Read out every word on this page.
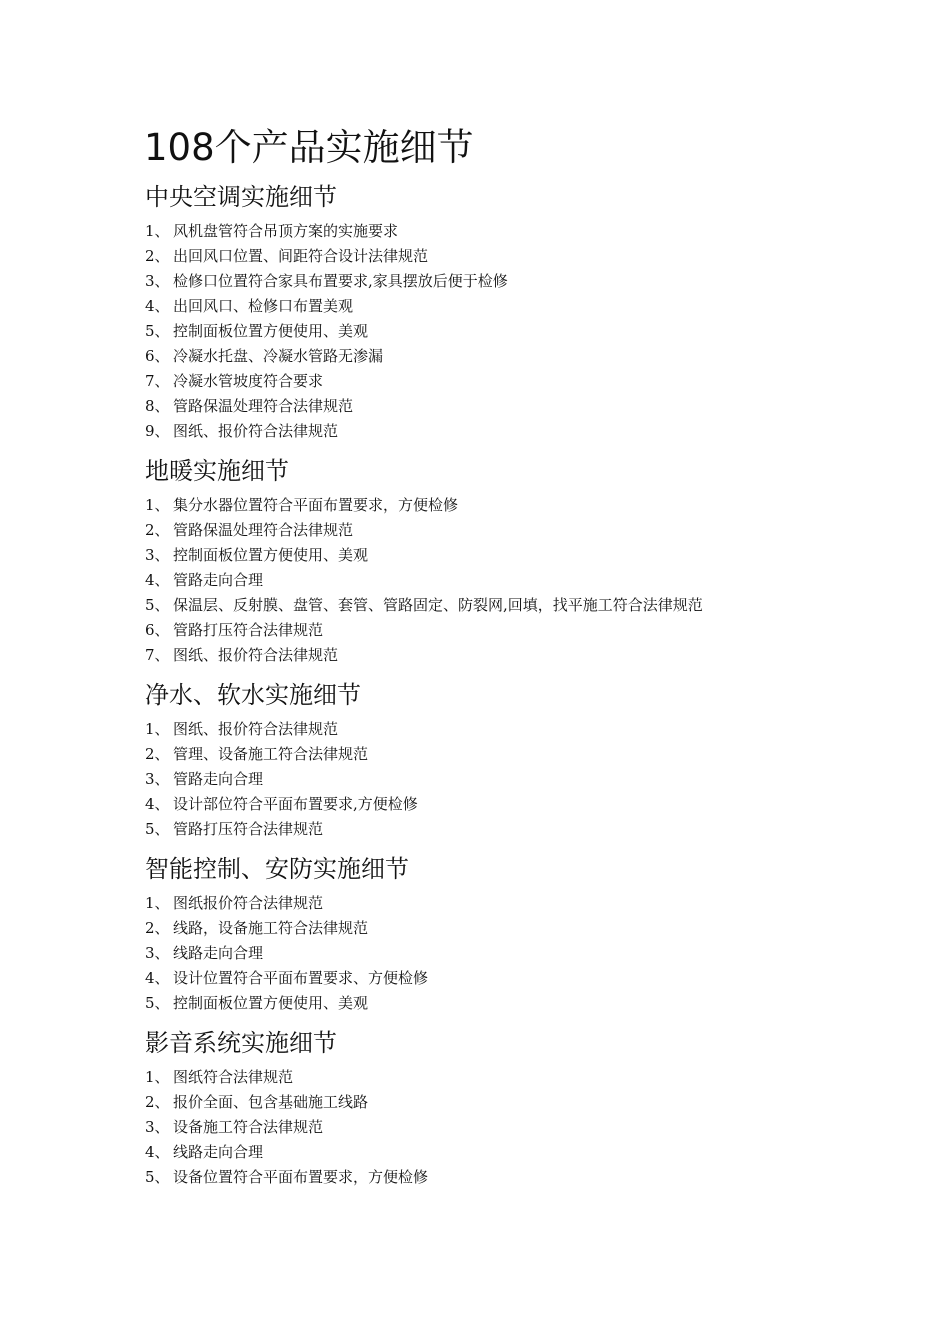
108个产品实施细节
中央空调实施细节
1、 风机盘管符合吊顶方案的实施要求
2、 出回风口位置、间距符合设计法律规范
3、 检修口位置符合家具布置要求,家具摆放后便于检修
4、 出回风口、检修口布置美观
5、 控制面板位置方便使用、美观
6、 冷凝水托盘、冷凝水管路无渗漏
7、 冷凝水管坡度符合要求
8、 管路保温处理符合法律规范
9、 图纸、报价符合法律规范
地暖实施细节
1、 集分水器位置符合平面布置要求，方便检修
2、 管路保温处理符合法律规范
3、 控制面板位置方便使用、美观
4、 管路走向合理
5、 保温层、反射膜、盘管、套管、管路固定、防裂网,回填，找平施工符合法律规范
6、 管路打压符合法律规范
7、 图纸、报价符合法律规范
净水、软水实施细节
1、 图纸、报价符合法律规范
2、 管理、设备施工符合法律规范
3、 管路走向合理
4、 设计部位符合平面布置要求,方便检修
5、 管路打压符合法律规范
智能控制、安防实施细节
1、 图纸报价符合法律规范
2、 线路，设备施工符合法律规范
3、 线路走向合理
4、 设计位置符合平面布置要求、方便检修
5、 控制面板位置方便使用、美观
影音系统实施细节
1、 图纸符合法律规范
2、 报价全面、包含基础施工线路
3、 设备施工符合法律规范
4、 线路走向合理
5、 设备位置符合平面布置要求，方便检修
